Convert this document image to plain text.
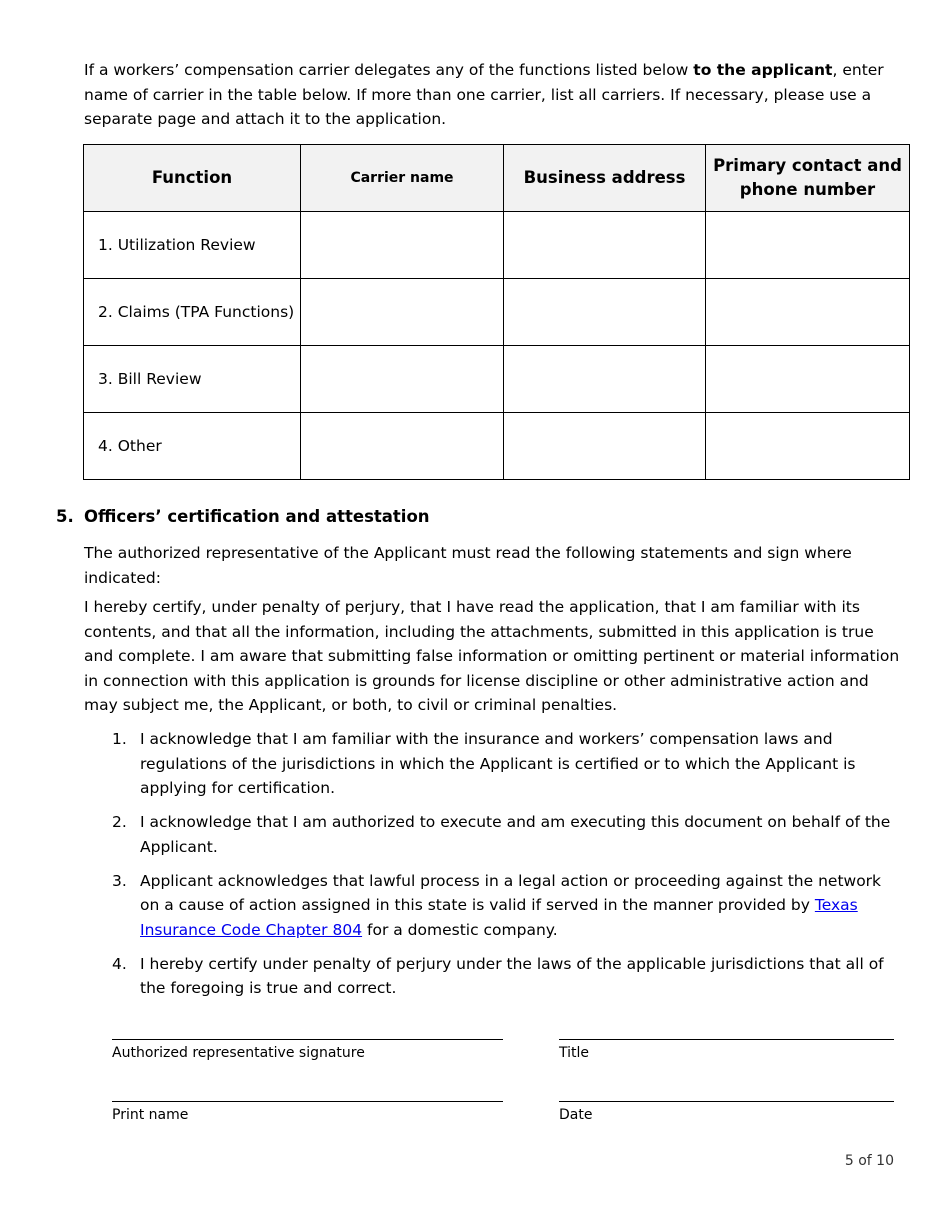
If a workers’ compensation carrier delegates any of the functions listed below to the applicant, enter name of carrier in the table below. If more than one carrier, list all carriers. If necessary, please use a separate page and attach it to the application.

Function	Carrier name	Business address	Primary contact and phone number
1. Utilization Review			
2. Claims (TPA Functions)			
3. Bill Review			
4. Other			
5. Officers’ certification and attestation

The authorized representative of the Applicant must read the following statements and sign where indicated:

I hereby certify, under penalty of perjury, that I have read the application, that I am familiar with its contents, and that all the information, including the attachments, submitted in this application is true and complete. I am aware that submitting false information or omitting pertinent or material information in connection with this application is grounds for license discipline or other administrative action and may subject me, the Applicant, or both, to civil or criminal penalties.

1. I acknowledge that I am familiar with the insurance and workers’ compensation laws and regulations of the jurisdictions in which the Applicant is certified or to which the Applicant is applying for certification.
2. I acknowledge that I am authorized to execute and am executing this document on behalf of the Applicant.
3. Applicant acknowledges that lawful process in a legal action or proceeding against the network on a cause of action assigned in this state is valid if served in the manner provided by Texas Insurance Code Chapter 804 for a domestic company.
4. I hereby certify under penalty of perjury under the laws of the applicable jurisdictions that all of the foregoing is true and correct.
Authorized representative signature	Title
Print name	Date
5 of 10
